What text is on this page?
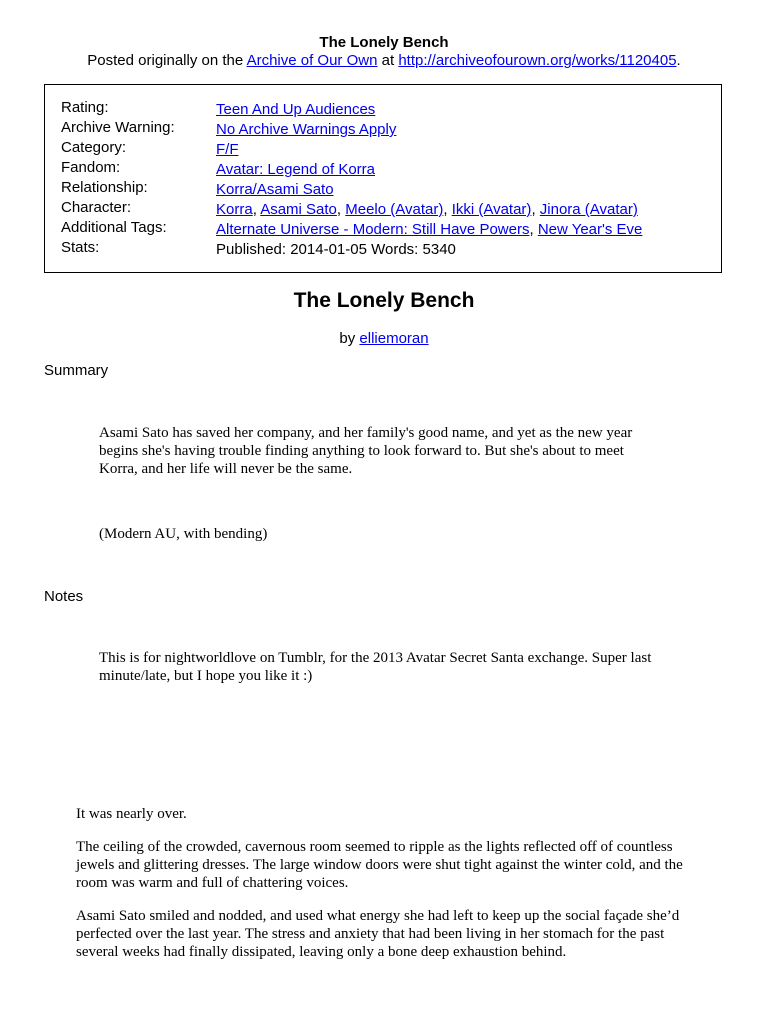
The Lonely Bench
Posted originally on the Archive of Our Own at http://archiveofourown.org/works/1120405.
Rating:	Teen And Up Audiences
Archive Warning:	No Archive Warnings Apply
Category:	F/F
Fandom:	Avatar: Legend of Korra
Relationship:	Korra/Asami Sato
Character:	Korra, Asami Sato, Meelo (Avatar), Ikki (Avatar), Jinora (Avatar)
Additional Tags:	Alternate Universe - Modern: Still Have Powers, New Year's Eve
Stats:	Published: 2014-01-05 Words: 5340
The Lonely Bench
by elliemoran
Summary

Asami Sato has saved her company, and her family's good name, and yet as the new year begins she's having trouble finding anything to look forward to. But she's about to meet Korra, and her life will never be the same.

(Modern AU, with bending)

Notes

This is for nightworldlove on Tumblr, for the 2013 Avatar Secret Santa exchange. Super last minute/late, but I hope you like it :)

It was nearly over.

The ceiling of the crowded, cavernous room seemed to ripple as the lights reflected off of countless jewels and glittering dresses. The large window doors were shut tight against the winter cold, and the room was warm and full of chattering voices.

Asami Sato smiled and nodded, and used what energy she had left to keep up the social façade she’d perfected over the last year. The stress and anxiety that had been living in her stomach for the past several weeks had finally dissipated, leaving only a bone deep exhaustion behind.
